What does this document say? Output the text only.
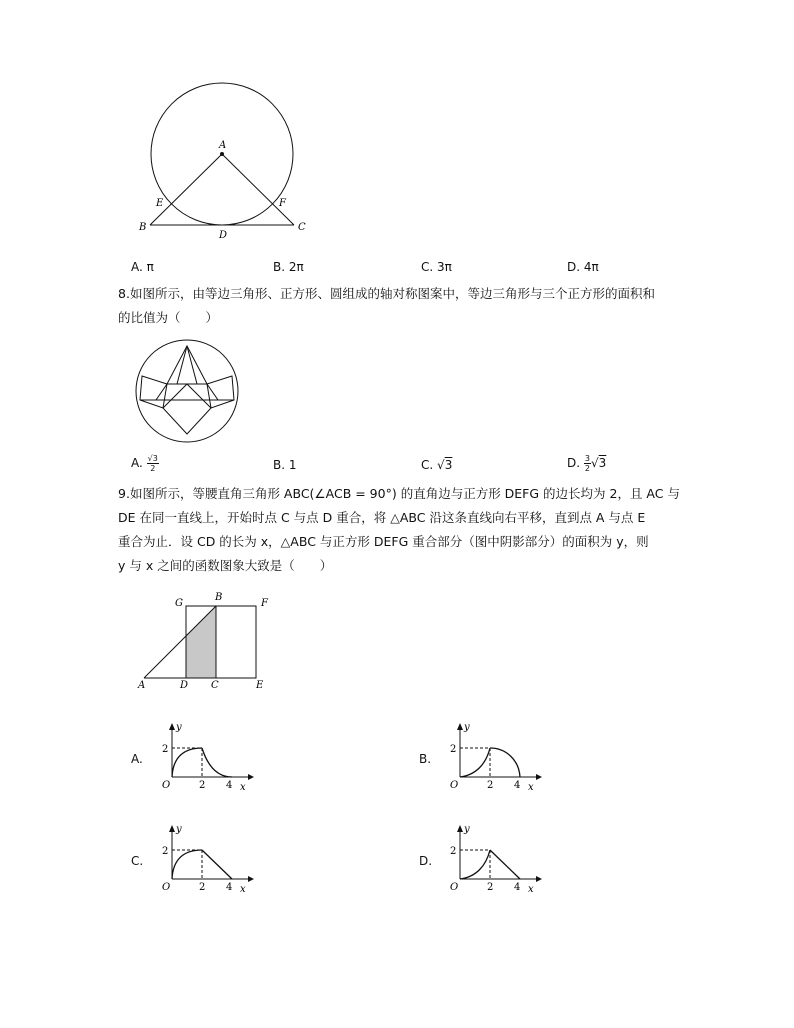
A
B	C
D
E	F
A. π	B. 2π	C. 3π	D. 4π
8.如图所示，由等边三角形、正方形、圆组成的轴对称图案中，等边三角形与三个正方形的面积和
的比值为（　　）
A. $\frac{√3}{2}$	B. 1	C. √3	D. $\frac{3}{2} √3$
9.如图所示，等腰直角三角形 ABC(∠ACB = 90°) 的直角边与正方形 DEFG 的边长均为 2，且 AC 与
DE 在同一直线上，开始时点 C 与点 D 重合，将 △ABC 沿这条直线向右平移，直到点 A 与点 E
重合为止．设 CD 的长为 x，△ABC 与正方形 DEFG 重合部分（图中阴影部分）的面积为 y，则
y 与 x 之间的函数图象大致是（　　）
G
B
F
A	D C	E
A.	B.
C.	D.
y
x
O	2 4
2
y
x
O	2 4
2
y
x
O	2 4
2
y
x
O	2 4
2
